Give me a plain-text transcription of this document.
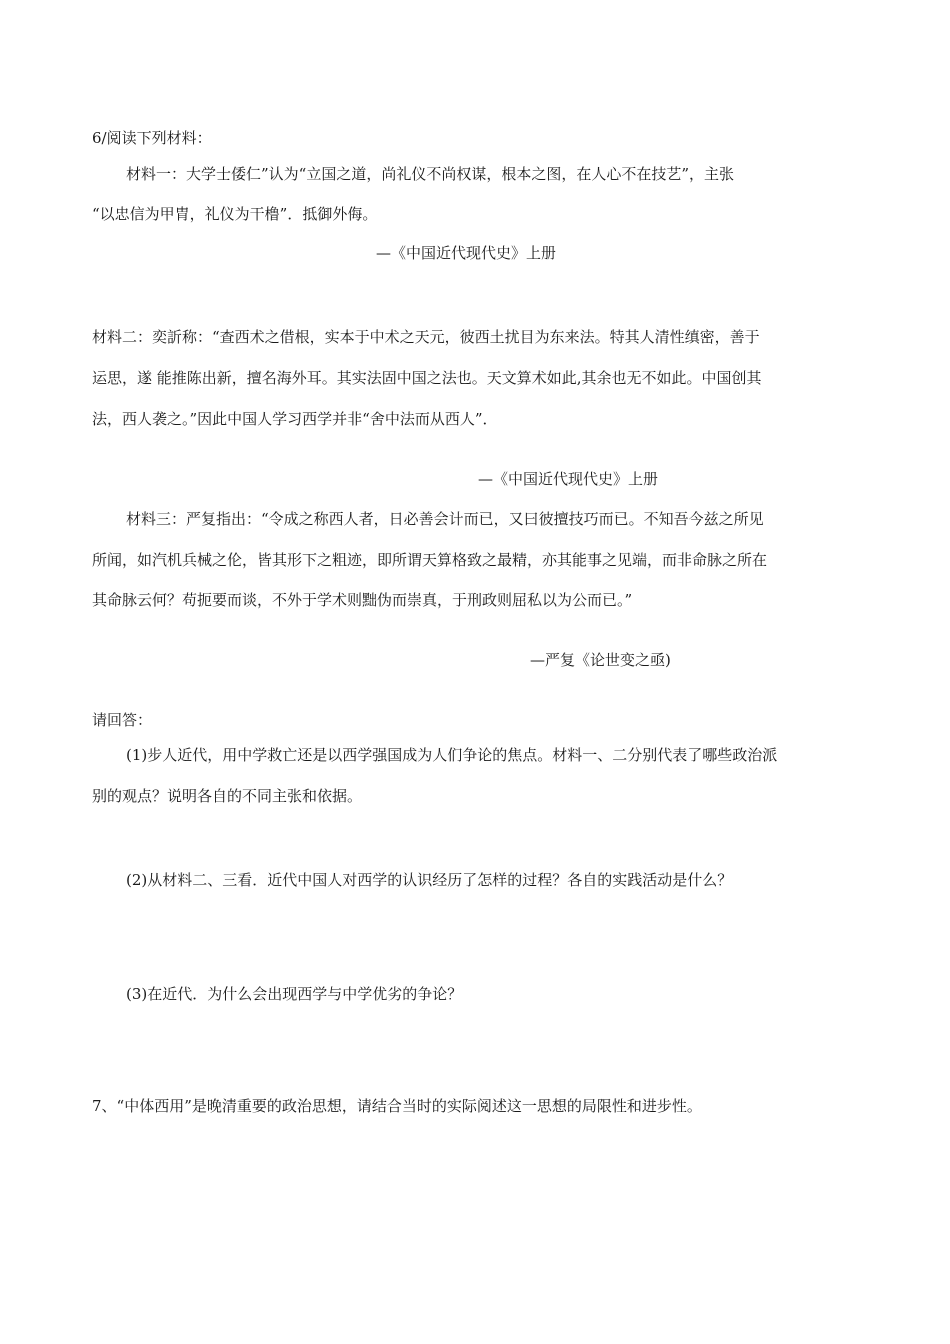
6/阅读下列材料：
材料一：大学士倭仁”认为“立国之道，尚礼仪不尚权谋，根本之图，在人心不在技艺”，主张
“以忠信为甲胄，礼仪为干橹”．抵御外侮。
—《中国近代现代史》上册
材料二：奕訢称：“查西术之借根，实本于中术之天元，彼西土扰目为东来法。特其人清性缜密，善于
运思，遂 能推陈出新，擅名海外耳。其实法固中国之法也。天文算术如此,其余也无不如此。中国创其
法，西人袭之。”因此中国人学习西学并非“舍中法而从西人”．
—《中国近代现代史》上册
材料三：严复指出：“令成之称西人者，日必善会计而已，又曰彼擅技巧而已。不知吾今兹之所见
所闻，如汽机兵械之伦，皆其形下之粗迹，即所谓天算格致之最精，亦其能事之见端，而非命脉之所在
其命脉云何？苟扼要而谈，不外于学术则黜伪而崇真，于刑政则屈私以为公而已。”
—严复《论世变之亟)
请回答：
(1)步人近代，用中学救亡还是以西学强国成为人们争论的焦点。材料一、二分别代表了哪些政治派
别的观点？说明各自的不同主张和依据。
(2)从材料二、三看．近代中国人对西学的认识经历了怎样的过程？各自的实践活动是什么？
(3)在近代．为什么会出现西学与中学优劣的争论？
7、“中体西用”是晚清重要的政治思想，请结合当时的实际阅述这一思想的局限性和进步性。
